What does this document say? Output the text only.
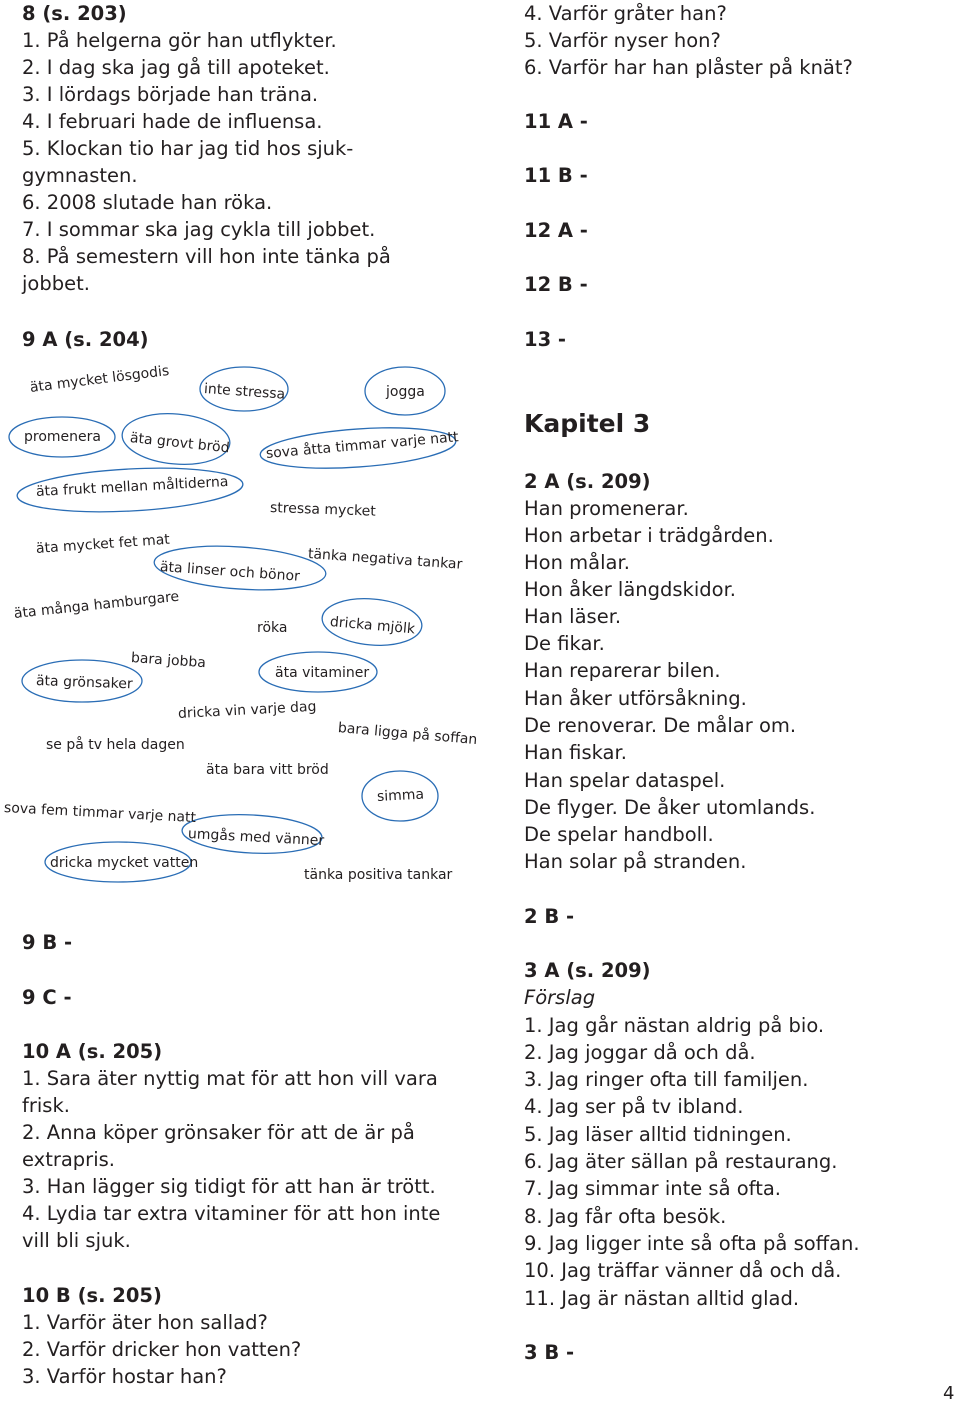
8 (s. 203)
1. På helgerna gör han utflykter.
2. I dag ska jag gå till apoteket.
3. I lördags började han träna.
4. I februari hade de influensa.
5. Klockan tio har jag tid hos sjuk-
gymnasten.
6. 2008 slutade han röka.
7. I sommar ska jag cykla till jobbet.
8. På semestern vill hon inte tänka på
jobbet.
9 A (s. 204)
äta mycket lösgodis inte stressa	jogga
promenera äta grovt bröd sova åtta timmar varje natt
äta frukt mellan måltiderna
stressa mycket
äta mycket fet mat
tänka negativa tankar
äta linser och bönor
äta många hamburgare
röka	dricka mjölk
bara jobba
äta vitaminer
äta grönsaker
dricka vin varje dag
bara ligga på soffan
se på tv hela dagen
äta bara vitt bröd
simma
sova fem timmar varje natt
umgås med vänner
dricka mycket vatten
tänka positiva tankar
9 B -
9 C -
10 A (s. 205)
1. Sara äter nyttig mat för att hon vill vara
frisk.
2. Anna köper grönsaker för att de är på
extrapris.
3. Han lägger sig tidigt för att han är trött.
4. Lydia tar extra vitaminer för att hon inte
vill bli sjuk.
10 B (s. 205)
1. Varför äter hon sallad?
2. Varför dricker hon vatten?
3. Varför hostar han?
4. Varför gråter han?
5. Varför nyser hon?
6. Varför har han plåster på knät?
11 A -
11 B -
12 A -
12 B -
13 -
Kapitel 3
2 A (s. 209)
Han promenerar.
Hon arbetar i trädgården.
Hon målar.
Hon åker längdskidor.
Han läser.
De fikar.
Han reparerar bilen.
Han åker utförsåkning.
De renoverar. De målar om.
Han fiskar.
Han spelar dataspel.
De flyger. De åker utomlands.
De spelar handboll.
Han solar på stranden.
2 B -
3 A (s. 209)
Förslag
1. Jag går nästan aldrig på bio.
2. Jag joggar då och då.
3. Jag ringer ofta till familjen.
4. Jag ser på tv ibland.
5. Jag läser alltid tidningen.
6. Jag äter sällan på restaurang.
7. Jag simmar inte så ofta.
8. Jag får ofta besök.
9. Jag ligger inte så ofta på soffan.
10. Jag träffar vänner då och då.
11. Jag är nästan alltid glad.
3 B -
4
